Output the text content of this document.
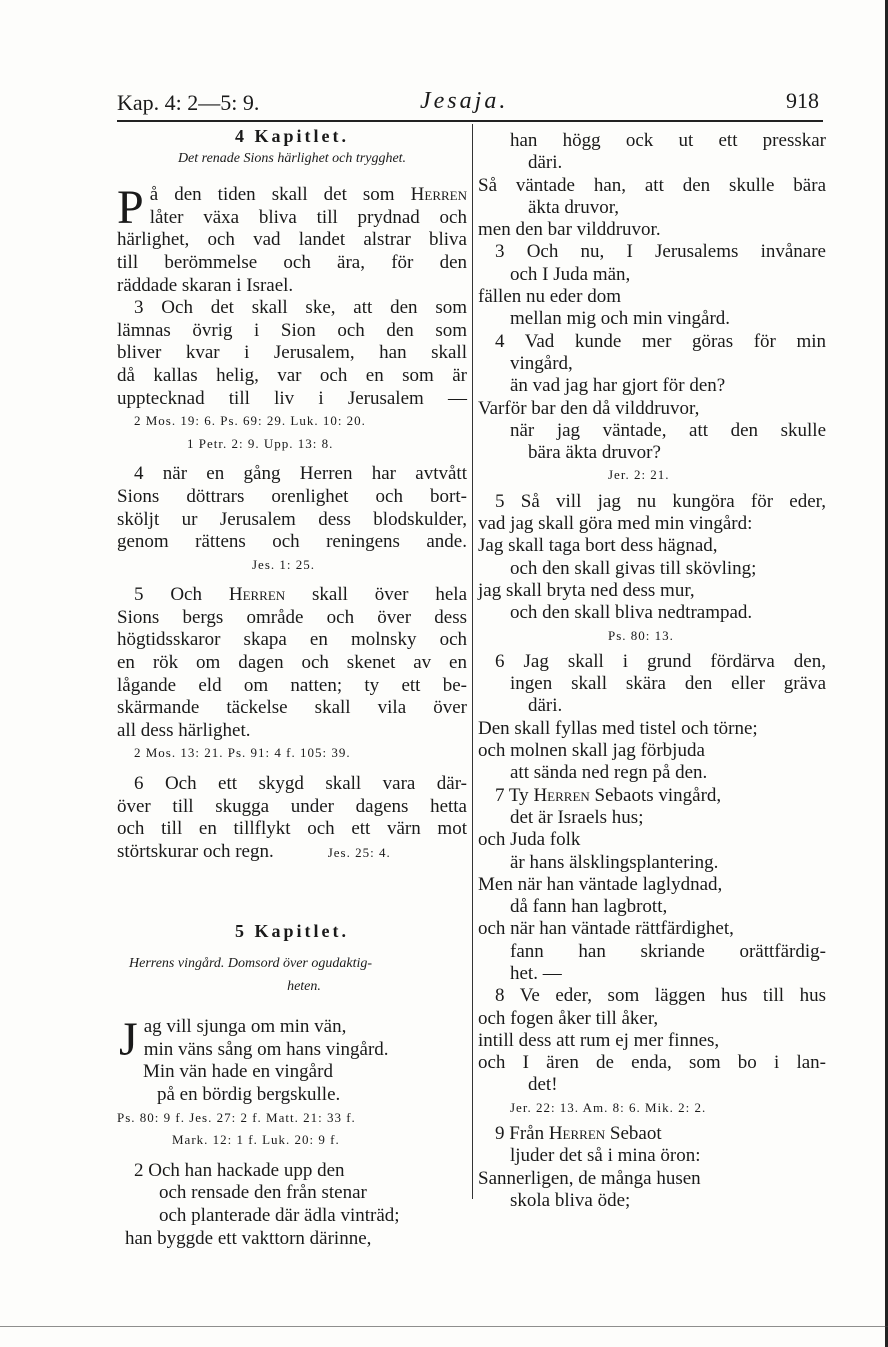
Kap. 4: 2—5: 9.	Jesaja.	918
4 Kapitlet.
Det renade Sions härlighet och trygghet.
P å den tiden skall det som Herren
låter växa bliva till prydnad och
härlighet, och vad landet alstrar bliva
till berömmelse och ära, för den
räddade skaran i Israel.
3 Och det skall ske, att den som
lämnas övrig i Sion och den som
bliver kvar i Jerusalem, han skall
då kallas helig, var och en som är
upptecknad till liv i Jerusalem —
2 Mos. 19: 6. Ps. 69: 29. Luk. 10: 20.
1 Petr. 2: 9. Upp. 13: 8.
4 när en gång Herren har avtvått
Sions döttrars orenlighet och bort-
sköljt ur Jerusalem dess blodskulder,
genom rättens och reningens ande.
Jes. 1: 25.
5 Och Herren skall över hela
Sions bergs område och över dess
högtidsskaror skapa en molnsky och
en rök om dagen och skenet av en
lågande eld om natten; ty ett be-
skärmande täckelse skall vila över
all dess härlighet.
2 Mos. 13: 21. Ps. 91: 4 f. 105: 39.
6 Och ett skygd skall vara där-
över till skugga under dagens hetta
och till en tillflykt och ett värn mot
störtskurar och regn.	Jes. 25: 4.
5 Kapitlet.
Herrens vingård. Domsord över ogudaktig-
heten.
J ag vill sjunga om min vän,
min väns sång om hans vingård.
Min vän hade en vingård
på en bördig bergskulle.
Ps. 80: 9 f. Jes. 27: 2 f. Matt. 21: 33 f.
Mark. 12: 1 f. Luk. 20: 9 f.
2 Och han hackade upp den
och rensade den från stenar
och planterade där ädla vinträd;
han byggde ett vakttorn därinne,
han högg ock ut ett presskar
däri.
Så väntade han, att den skulle bära
äkta druvor,
men den bar vilddruvor.
3 Och nu, I Jerusalems invånare
och I Juda män,
fällen nu eder dom
mellan mig och min vingård.
4 Vad kunde mer göras för min
vingård,
än vad jag har gjort för den?
Varför bar den då vilddruvor,
när jag väntade, att den skulle
bära äkta druvor?
Jer. 2: 21.
5 Så vill jag nu kungöra för eder,
vad jag skall göra med min vingård:
Jag skall taga bort dess hägnad,
och den skall givas till skövling;
jag skall bryta ned dess mur,
och den skall bliva nedtrampad.
Ps. 80: 13.
6 Jag skall i grund fördärva den,
ingen skall skära den eller gräva
däri.
Den skall fyllas med tistel och törne;
och molnen skall jag förbjuda
att sända ned regn på den.
7 Ty Herren Sebaots vingård,
det är Israels hus;
och Juda folk
är hans älsklingsplantering.
Men när han väntade laglydnad,
då fann han lagbrott,
och när han väntade rättfärdighet,
fann han skriande orättfärdig-
het. —
8 Ve eder, som läggen hus till hus
och fogen åker till åker,
intill dess att rum ej mer finnes,
och I ären de enda, som bo i lan-
det!
Jer. 22: 13. Am. 8: 6. Mik. 2: 2.
9 Från Herren Sebaot
ljuder det så i mina öron:
Sannerligen, de många husen
skola bliva öde;
